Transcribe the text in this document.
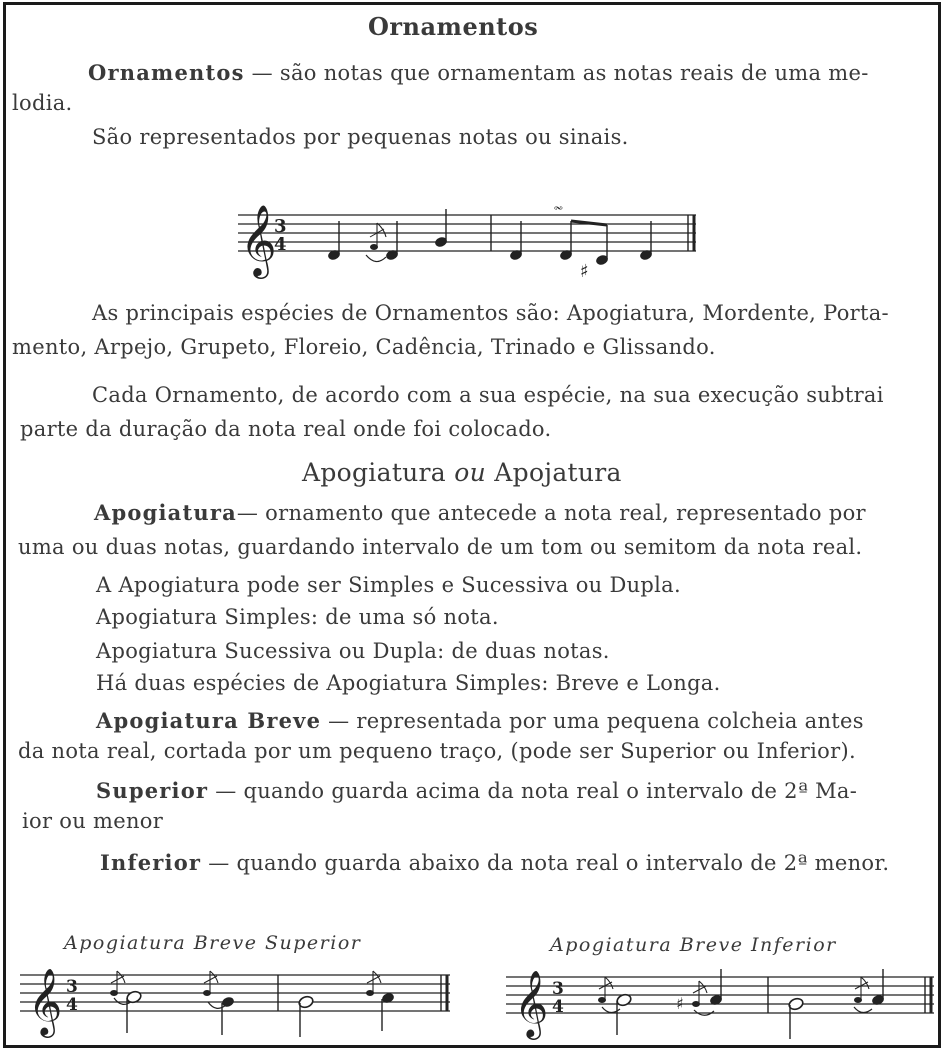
Ornamentos
Ornamentos — são notas que ornamentam as notas reais de uma me-
lodia.
São representados por pequenas notas ou sinais.
𝄞
3
4
𝆗
♯
As principais espécies de Ornamentos são: Apogiatura, Mordente, Porta-
mento, Arpejo, Grupeto, Floreio, Cadência, Trinado e Glissando.
Cada Ornamento, de acordo com a sua espécie, na sua execução subtrai
parte da duração da nota real onde foi colocado.
Apogiatura ou Apojatura
Apogiatura— ornamento que antecede a nota real, representado por
uma ou duas notas, guardando intervalo de um tom ou semitom da nota real.
A Apogiatura pode ser Simples e Sucessiva ou Dupla.
Apogiatura Simples: de uma só nota.
Apogiatura Sucessiva ou Dupla: de duas notas.
Há duas espécies de Apogiatura Simples: Breve e Longa.
Apogiatura Breve — representada por uma pequena colcheia antes
da nota real, cortada por um pequeno traço, (pode ser Superior ou Inferior).
Superior — quando guarda acima da nota real o intervalo de 2ª Ma-
ior ou menor
Inferior — quando guarda abaixo da nota real o intervalo de 2ª menor.
Apogiatura Breve Superior	Apogiatura Breve Inferior
𝄞 3
4	𝄞 3
4	♯
